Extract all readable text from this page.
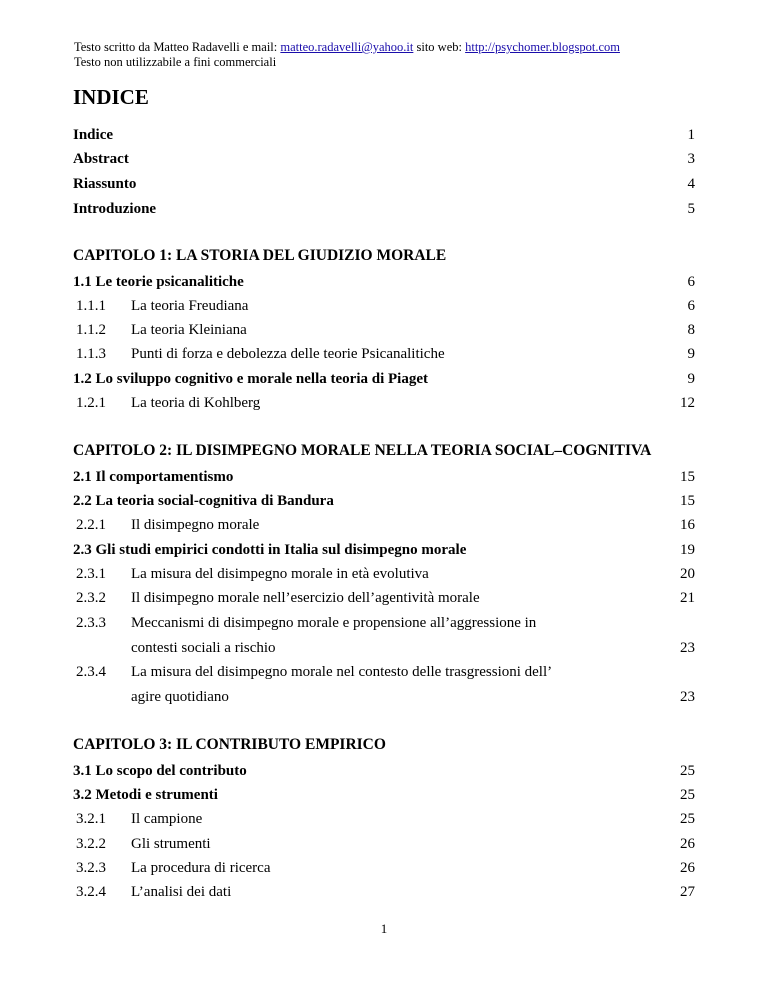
Testo scritto da Matteo Radavelli e mail: matteo.radavelli@yahoo.it sito web: http://psychomer.blogspot.com
Testo non utilizzabile a fini commerciali
INDICE
Indice	1
Abstract	3
Riassunto	4
Introduzione	5
CAPITOLO 1: LA STORIA DEL GIUDIZIO MORALE
1.1 Le teorie psicanalitiche	6
1.1.1 La teoria Freudiana	6
1.1.2 La teoria Kleiniana	8
1.1.3 Punti di forza e debolezza delle teorie Psicanalitiche	9
1.2 Lo sviluppo cognitivo e morale nella teoria di Piaget	9
1.2.1 La teoria di Kohlberg	12
CAPITOLO 2: IL DISIMPEGNO MORALE NELLA TEORIA SOCIAL–COGNITIVA
2.1 Il comportamentismo	15
2.2 La teoria social-cognitiva di Bandura	15
2.2.1 Il disimpegno morale	16
2.3 Gli studi empirici condotti in Italia sul disimpegno morale	19
2.3.1 La misura del disimpegno morale in età evolutiva	20
2.3.2 Il disimpegno morale nell’esercizio dell’agentività morale	21
2.3.3 Meccanismi di disimpegno morale e propensione all’aggressione in
contesti sociali a rischio	23
2.3.4 La misura del disimpegno morale nel contesto delle trasgressioni dell’
agire quotidiano	23
CAPITOLO 3: IL CONTRIBUTO EMPIRICO
3.1 Lo scopo del contributo	25
3.2 Metodi e strumenti	25
3.2.1 Il campione	25
3.2.2 Gli strumenti	26
3.2.3 La procedura di ricerca	26
3.2.4 L’analisi dei dati	27
1
